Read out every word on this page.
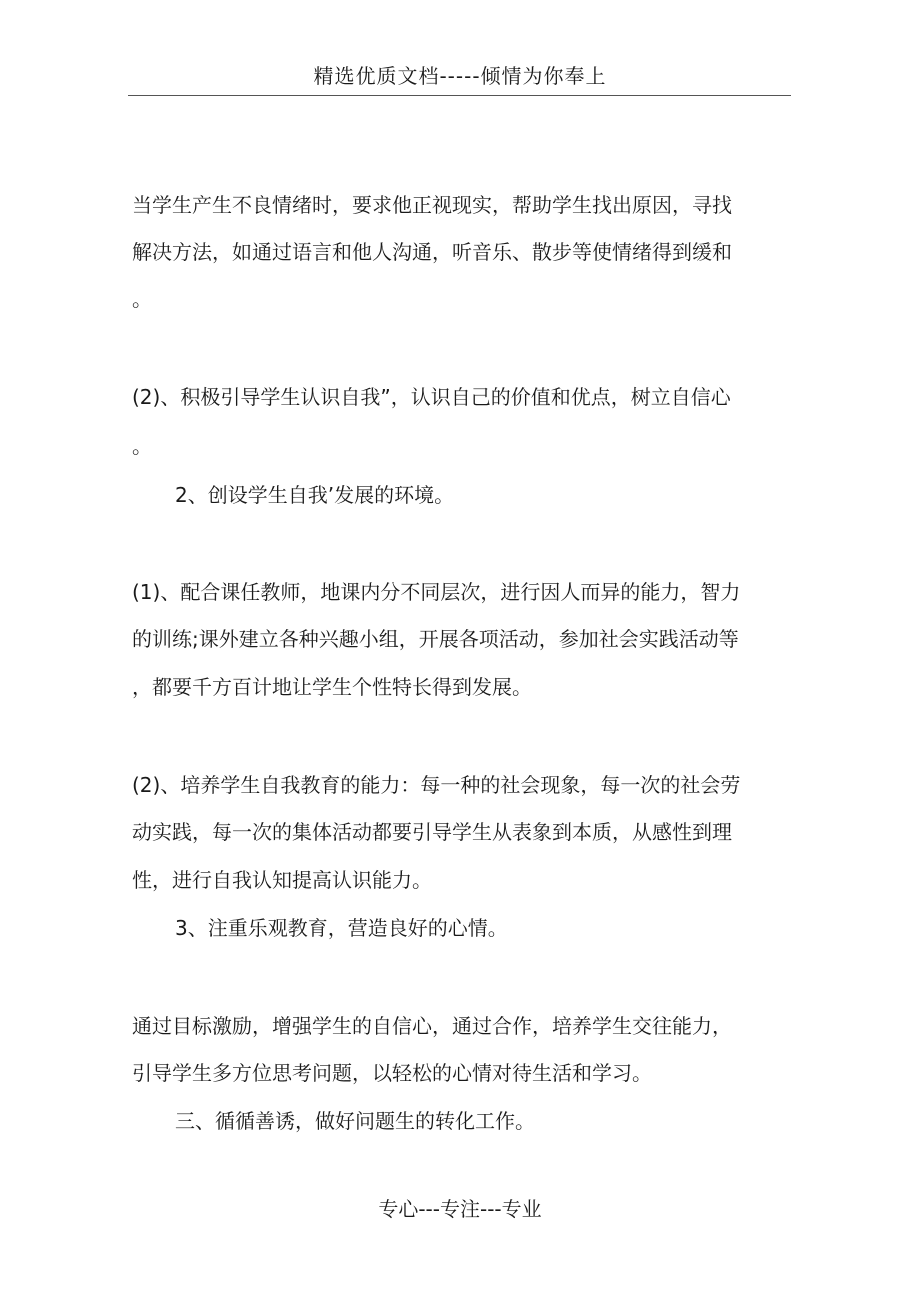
精选优质文档-----倾情为你奉上
当学生产生不良情绪时，要求他正视现实，帮助学生找出原因，寻找
解决方法，如通过语言和他人沟通，听音乐、散步等使情绪得到缓和
。
(2)、积极引导学生认识自我”，认识自己的价值和优点，树立自信心
。
2、创设学生自我’发展的环境。
(1)、配合课任教师，地课内分不同层次，进行因人而异的能力，智力
的训练;课外建立各种兴趣小组，开展各项活动，参加社会实践活动等
，都要千方百计地让学生个性特长得到发展。
(2)、培养学生自我教育的能力：每一种的社会现象，每一次的社会劳
动实践，每一次的集体活动都要引导学生从表象到本质，从感性到理
性，进行自我认知提高认识能力。
3、注重乐观教育，营造良好的心情。
通过目标激励，增强学生的自信心，通过合作，培养学生交往能力，
引导学生多方位思考问题，以轻松的心情对待生活和学习。
三、循循善诱，做好问题生的转化工作。
专心---专注---专业
